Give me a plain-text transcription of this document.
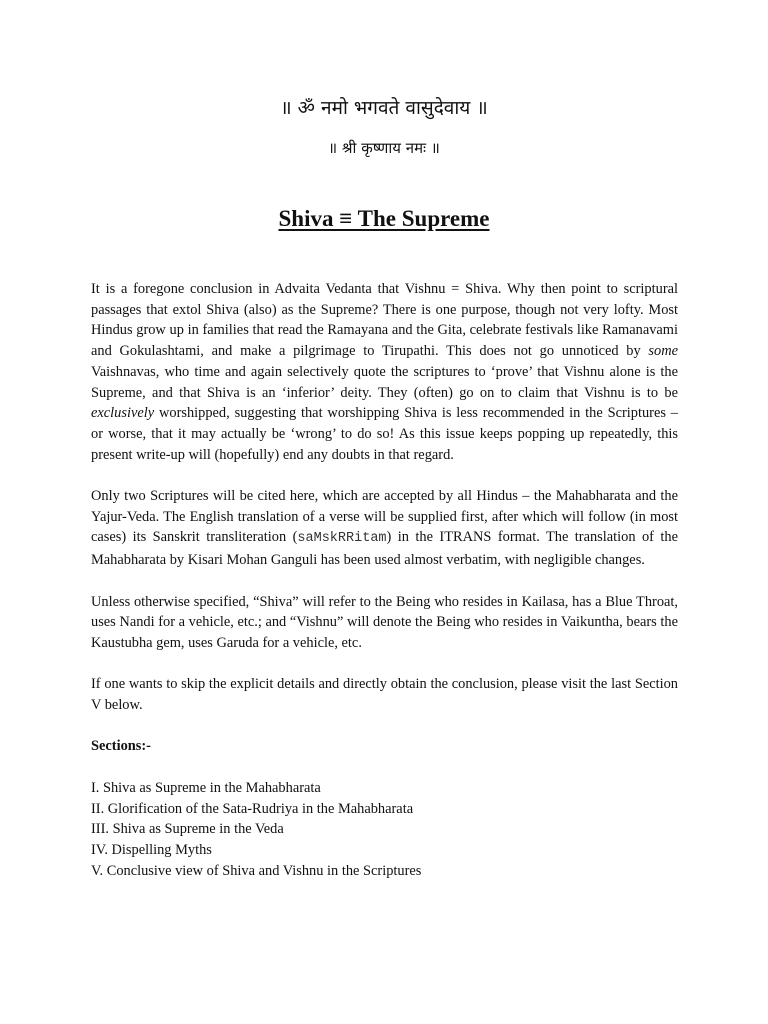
॥ ॐ नमो भगवते वासुदेवाय ॥
॥ श्री कृष्णाय नमः ॥
Shiva ≡ The Supreme

It is a foregone conclusion in Advaita Vedanta that Vishnu = Shiva. Why then point to scriptural passages that extol Shiva (also) as the Supreme? There is one purpose, though not very lofty. Most Hindus grow up in families that read the Ramayana and the Gita, celebrate festivals like Ramanavami and Gokulashtami, and make a pilgrimage to Tirupathi. This does not go unnoticed by some Vaishnavas, who time and again selectively quote the scriptures to ‘prove’ that Vishnu alone is the Supreme, and that Shiva is an ‘inferior’ deity. They (often) go on to claim that Vishnu is to be exclusively worshipped, suggesting that worshipping Shiva is less recommended in the Scriptures – or worse, that it may actually be ‘wrong’ to do so! As this issue keeps popping up repeatedly, this present write-up will (hopefully) end any doubts in that regard.

Only two Scriptures will be cited here, which are accepted by all Hindus – the Mahabharata and the Yajur-Veda. The English translation of a verse will be supplied first, after which will follow (in most cases) its Sanskrit transliteration (saMskRRitam) in the ITRANS format. The translation of the Mahabharata by Kisari Mohan Ganguli has been used almost verbatim, with negligible changes.

Unless otherwise specified, “Shiva” will refer to the Being who resides in Kailasa, has a Blue Throat, uses Nandi for a vehicle, etc.; and “Vishnu” will denote the Being who resides in Vaikuntha, bears the Kaustubha gem, uses Garuda for a vehicle, etc.

If one wants to skip the explicit details and directly obtain the conclusion, please visit the last Section V below.

Sections:-

I. Shiva as Supreme in the Mahabharata
II. Glorification of the Sata-Rudriya in the Mahabharata
III. Shiva as Supreme in the Veda
IV. Dispelling Myths
V. Conclusive view of Shiva and Vishnu in the Scriptures
